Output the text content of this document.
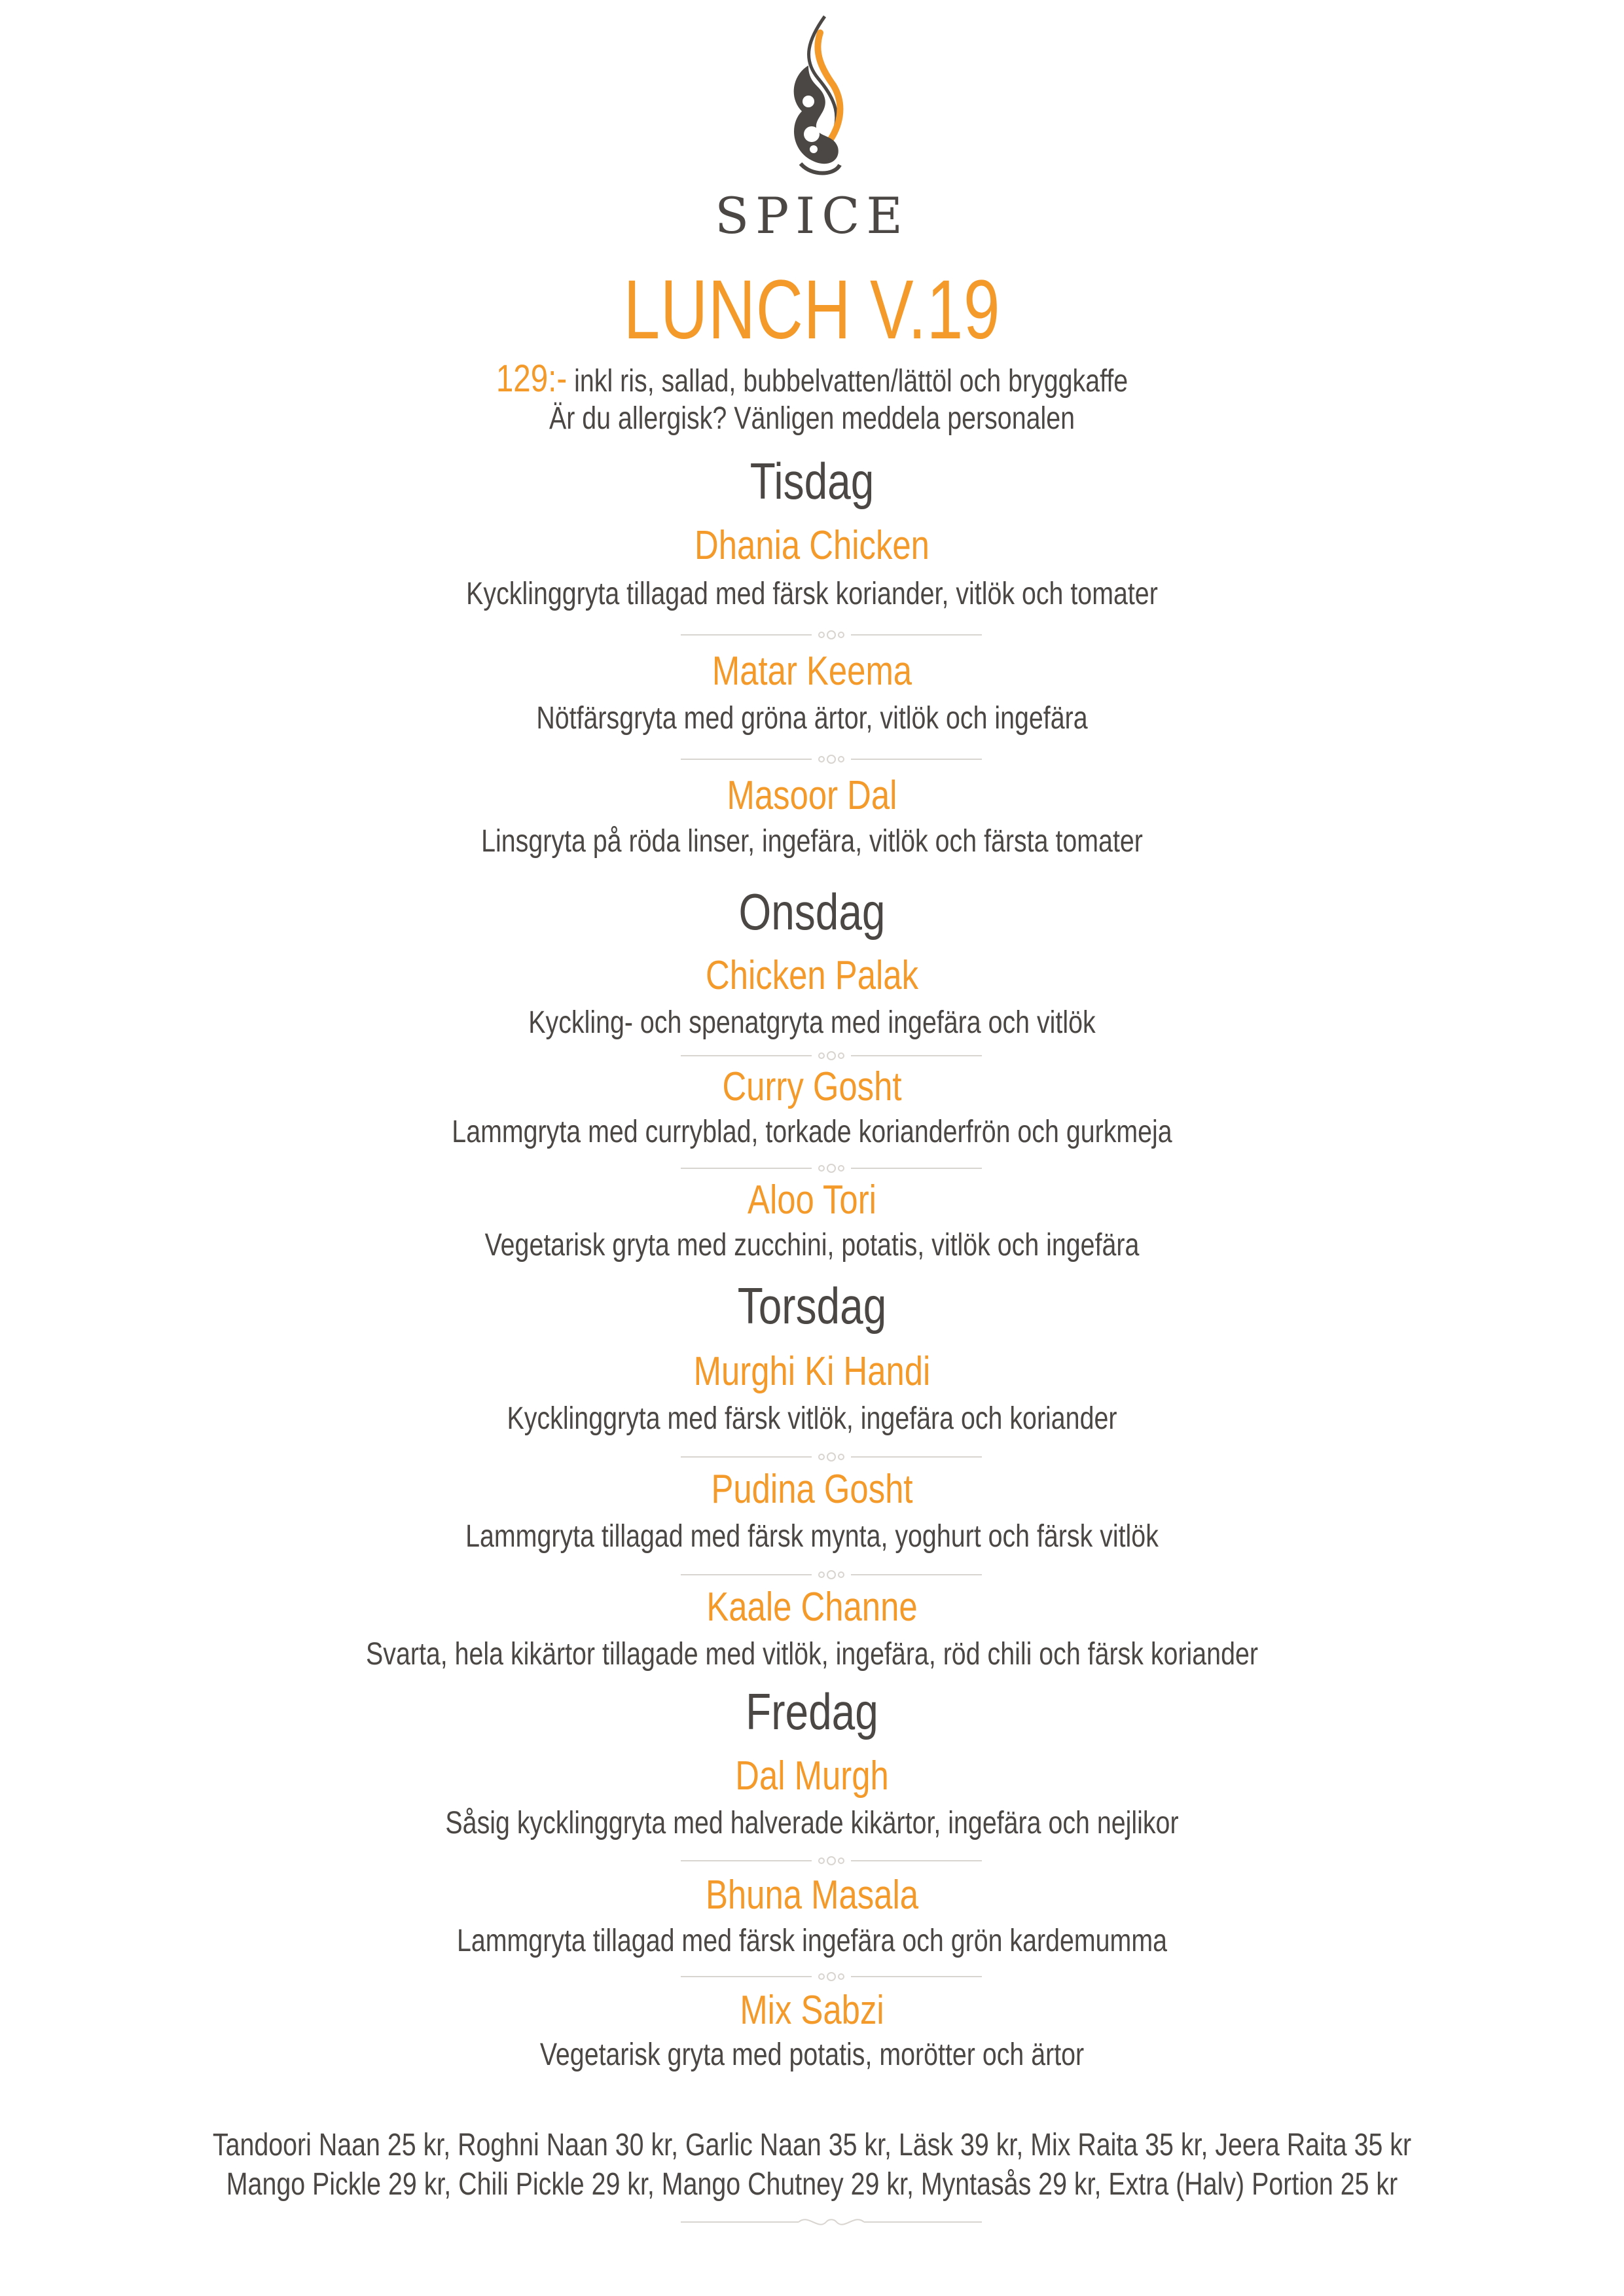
SPICE
LUNCH V.19
129:- inkl ris, sallad, bubbelvatten/lättöl och bryggkaffe
Är du allergisk? Vänligen meddela personalen
Tisdag
Dhania Chicken
Kycklinggryta tillagad med färsk koriander, vitlök och tomater
Matar Keema
Nötfärsgryta med gröna ärtor, vitlök och ingefära
Masoor Dal
Linsgryta på röda linser, ingefära, vitlök och färsta tomater
Onsdag
Chicken Palak
Kyckling- och spenatgryta med ingefära och vitlök
Curry Gosht
Lammgryta med curryblad, torkade korianderfrön och gurkmeja
Aloo Tori
Vegetarisk gryta med zucchini, potatis, vitlök och ingefära
Torsdag
Murghi Ki Handi
Kycklinggryta med färsk vitlök, ingefära och koriander
Pudina Gosht
Lammgryta tillagad med färsk mynta, yoghurt och färsk vitlök
Kaale Channe
Svarta, hela kikärtor tillagade med vitlök, ingefära, röd chili och färsk koriander
Fredag
Dal Murgh
Såsig kycklinggryta med halverade kikärtor, ingefära och nejlikor
Bhuna Masala
Lammgryta tillagad med färsk ingefära och grön kardemumma
Mix Sabzi
Vegetarisk gryta med potatis, morötter och ärtor
Tandoori Naan 25 kr, Roghni Naan 30 kr, Garlic Naan 35 kr, Läsk 39 kr, Mix Raita 35 kr, Jeera Raita 35 kr
Mango Pickle 29 kr, Chili Pickle 29 kr, Mango Chutney 29 kr, Myntasås 29 kr, Extra (Halv) Portion 25 kr
